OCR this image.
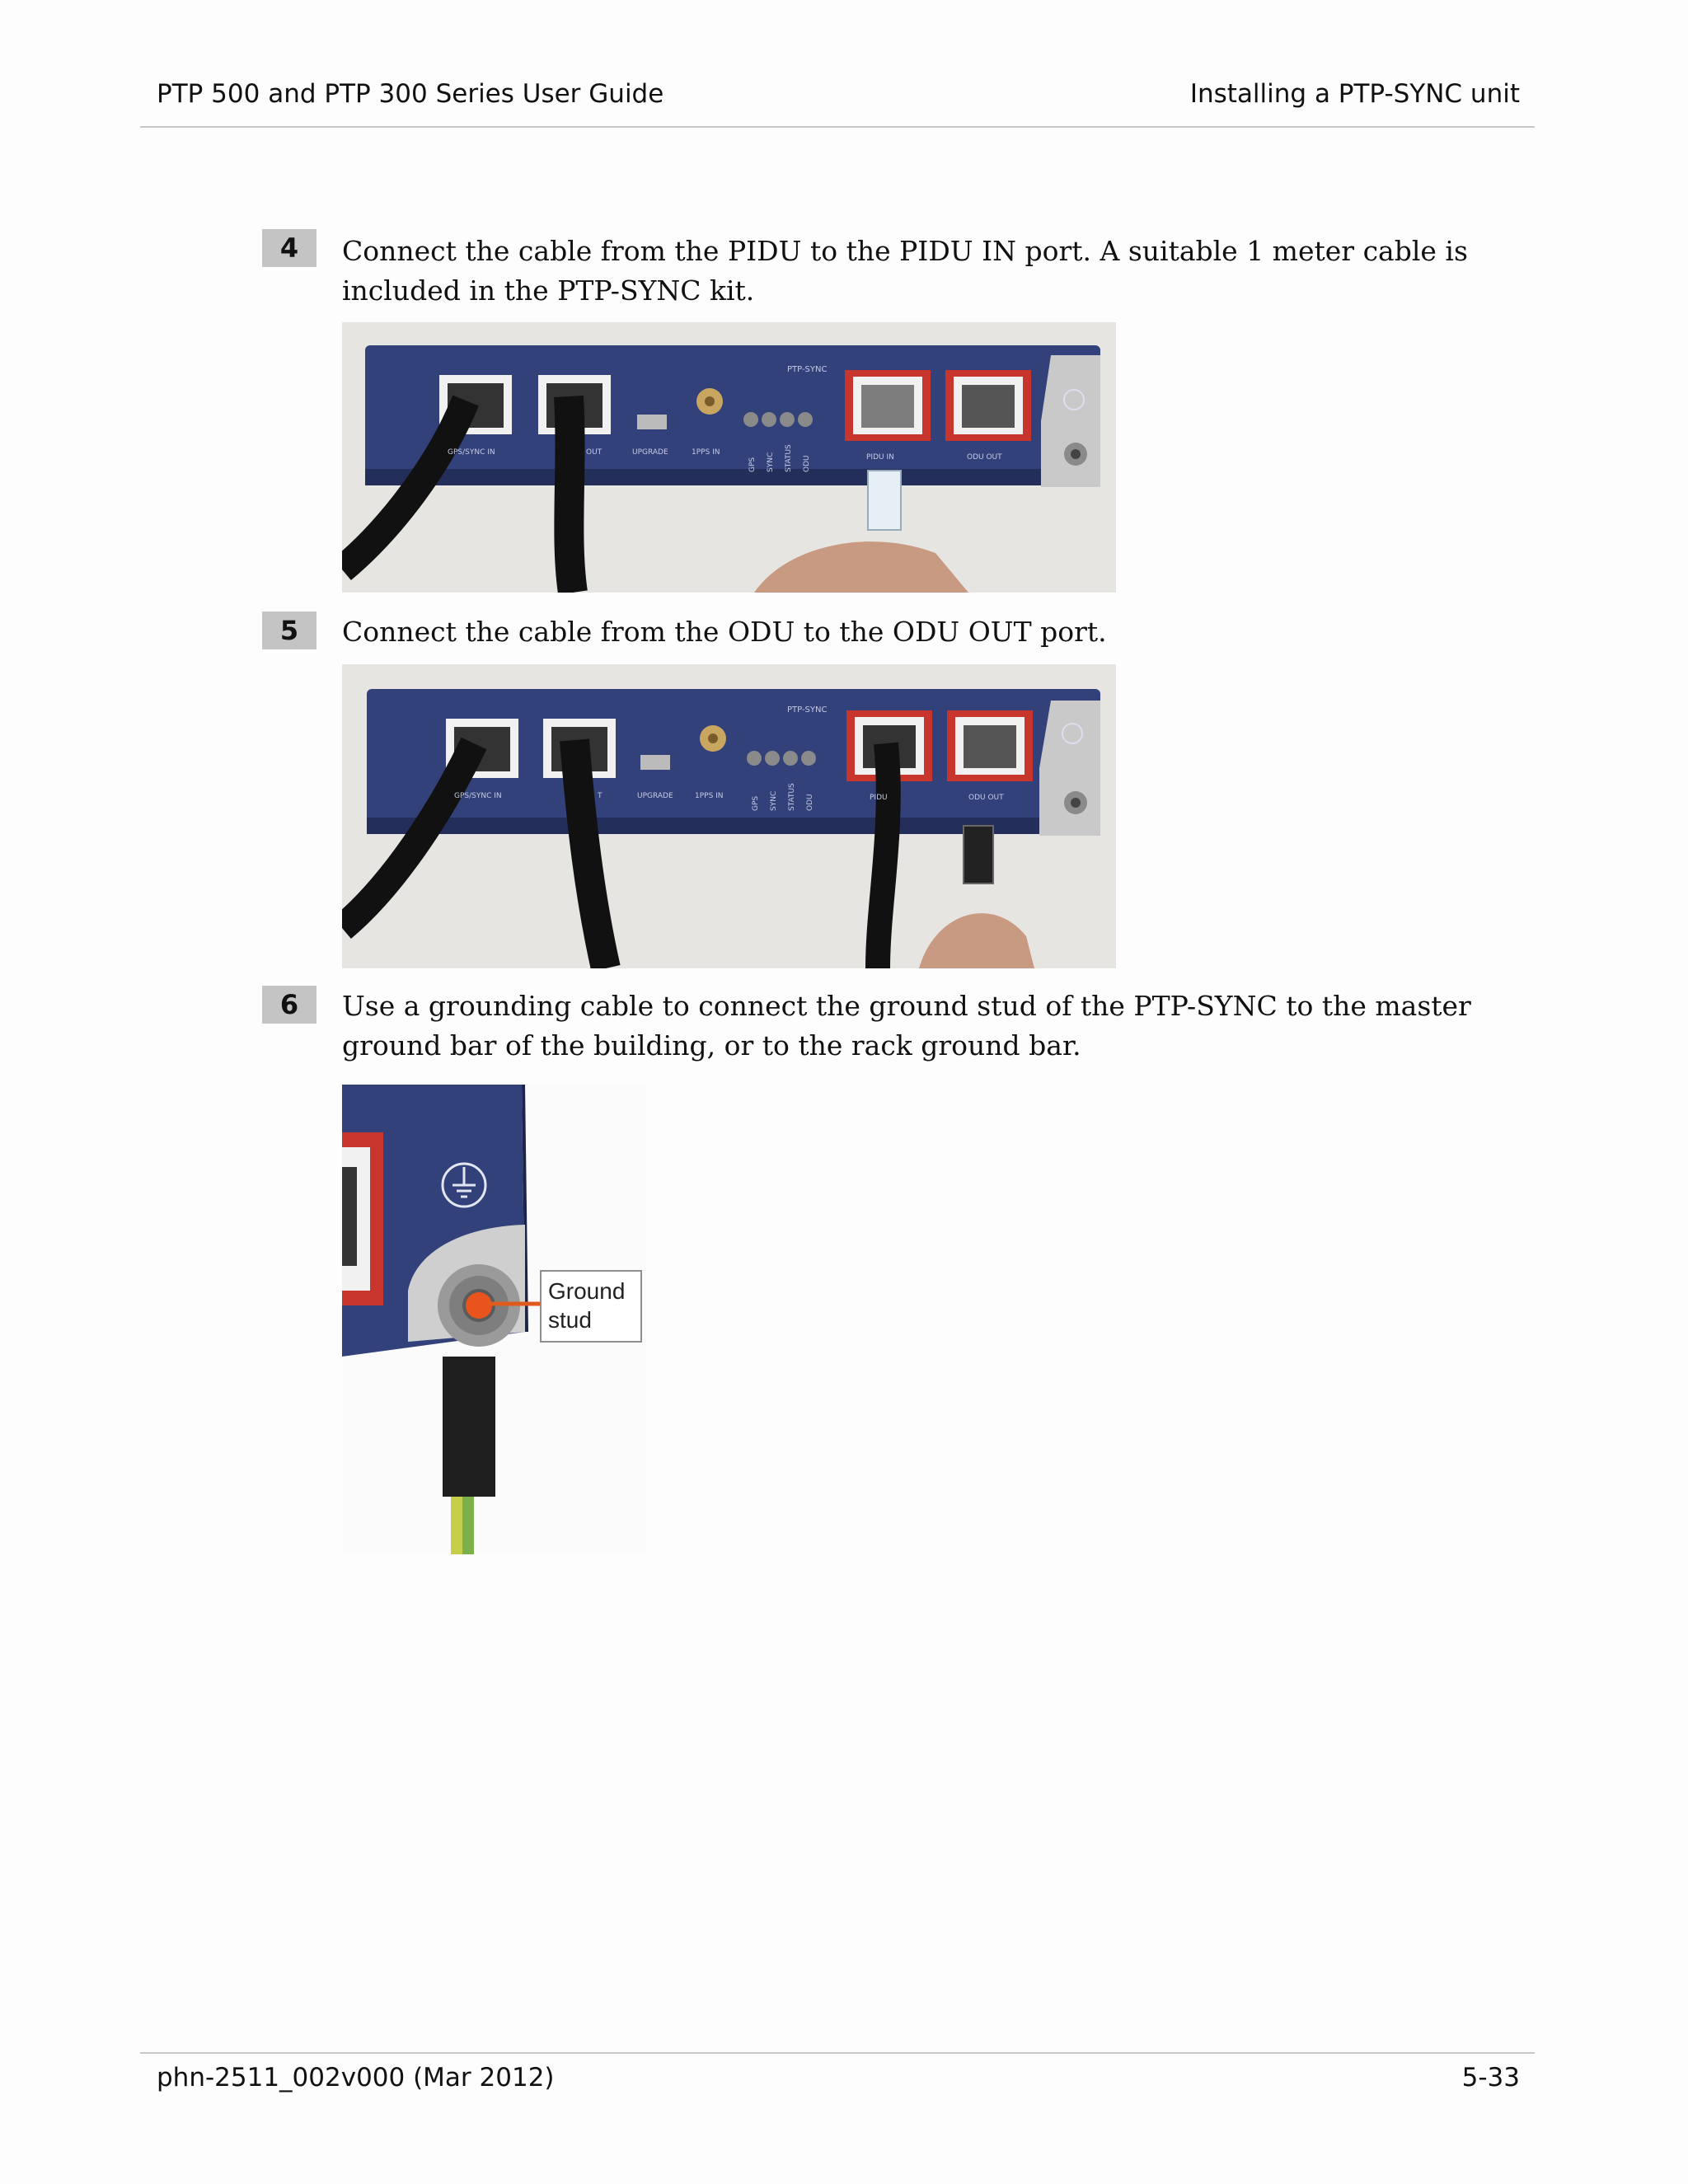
PTP 500 and PTP 300 Series User Guide	Installing a PTP-SYNC unit
4	Connect the cable from the PIDU to the PIDU IN port. A suitable 1 meter cable is included in the PTP-SYNC kit.
PTP-SYNC
GPS/SYNC IN	OUT	UPGRADE	1PPS IN
GPS SYNC STATUS ODU	PIDU IN	ODU OUT
5	Connect the cable from the ODU to the ODU OUT port.
PTP-SYNC
GPS/SYNC IN	T	UPGRADE	1PPS IN	GPS SYNC STATUS ODU	PIDU	ODU OUT
6	Use a grounding cable to connect the ground stud of the PTP-SYNC to the master ground bar of the building, or to the rack ground bar.
Ground
stud
phn-2511_002v000 (Mar 2012)	5-33
